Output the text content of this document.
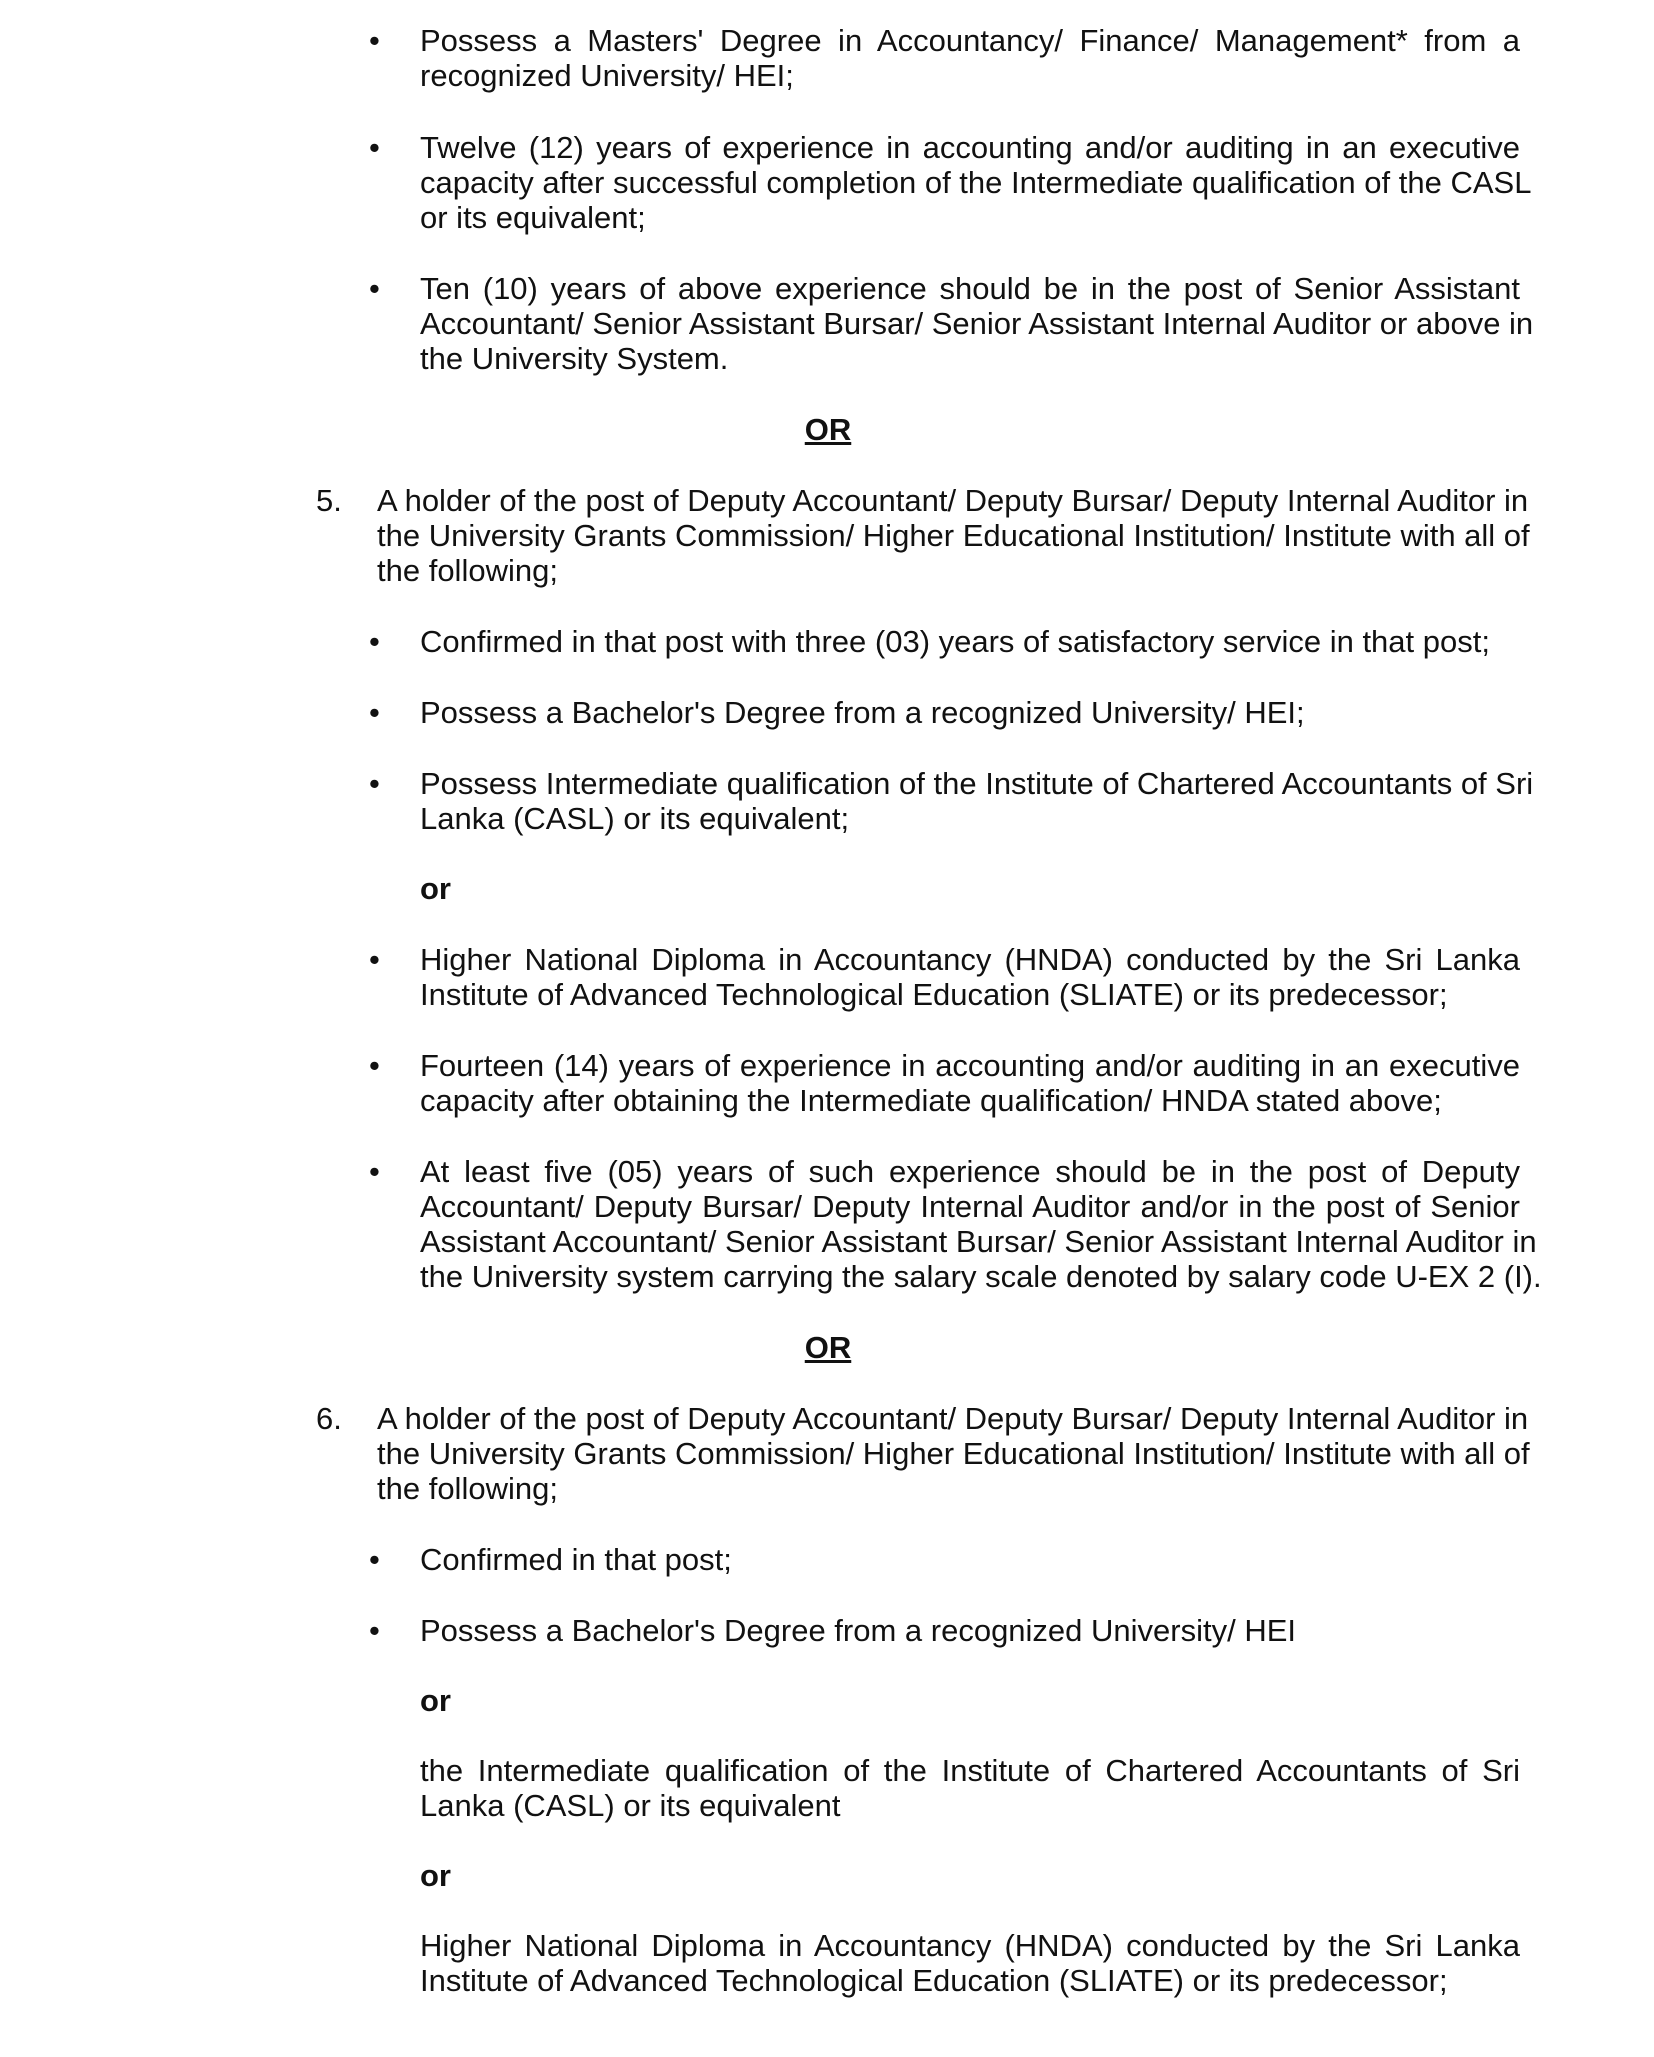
• Possess a Masters' Degree in Accountancy/ Finance/ Management* from a
recognized University/ HEI;
• Twelve (12) years of experience in accounting and/or auditing in an executive
capacity after successful completion of the Intermediate qualification of the CASL
or its equivalent;
• Ten (10) years of above experience should be in the post of Senior Assistant
Accountant/ Senior Assistant Bursar/ Senior Assistant Internal Auditor or above in
the University System.
OR
5. A holder of the post of Deputy Accountant/ Deputy Bursar/ Deputy Internal Auditor in
the University Grants Commission/ Higher Educational Institution/ Institute with all of
the following;
• Confirmed in that post with three (03) years of satisfactory service in that post;
• Possess a Bachelor's Degree from a recognized University/ HEI;
• Possess Intermediate qualification of the Institute of Chartered Accountants of Sri
Lanka (CASL) or its equivalent;
or
• Higher National Diploma in Accountancy (HNDA) conducted by the Sri Lanka
Institute of Advanced Technological Education (SLIATE) or its predecessor;
• Fourteen (14) years of experience in accounting and/or auditing in an executive
capacity after obtaining the Intermediate qualification/ HNDA stated above;
• At least five (05) years of such experience should be in the post of Deputy
Accountant/ Deputy Bursar/ Deputy Internal Auditor and/or in the post of Senior
Assistant Accountant/ Senior Assistant Bursar/ Senior Assistant Internal Auditor in
the University system carrying the salary scale denoted by salary code U-EX 2 (I).
OR
6. A holder of the post of Deputy Accountant/ Deputy Bursar/ Deputy Internal Auditor in
the University Grants Commission/ Higher Educational Institution/ Institute with all of
the following;
• Confirmed in that post;
• Possess a Bachelor's Degree from a recognized University/ HEI
or
the Intermediate qualification of the Institute of Chartered Accountants of Sri
Lanka (CASL) or its equivalent
or
Higher National Diploma in Accountancy (HNDA) conducted by the Sri Lanka
Institute of Advanced Technological Education (SLIATE) or its predecessor;
